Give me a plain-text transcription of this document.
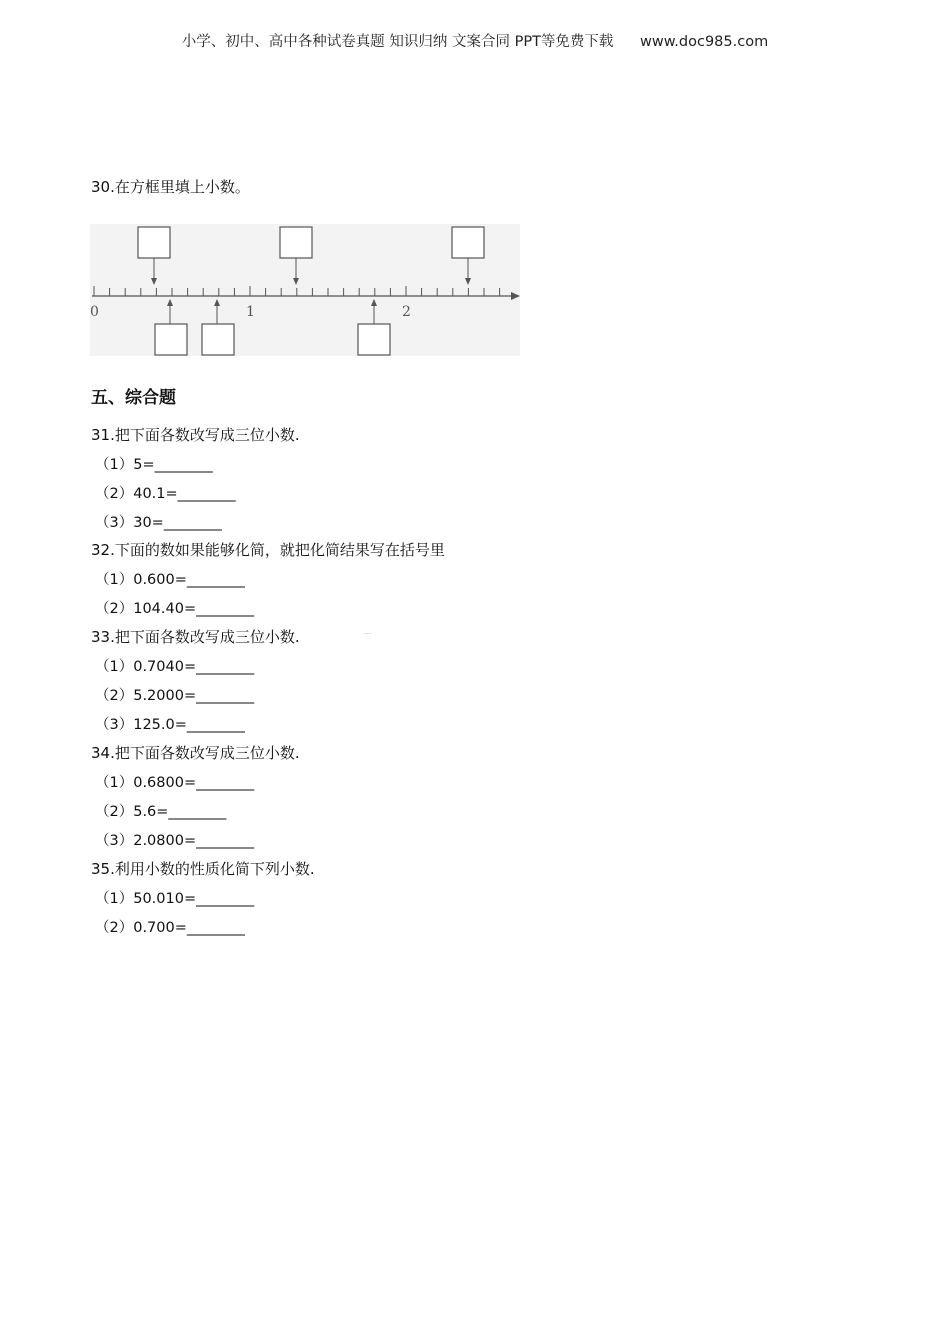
小学、初中、高中各种试卷真题 知识归纳 文案合同 PPT等免费下载 www.doc985.com
30.在方框里填上小数。
0	1	2
五、综合题
31.把下面各数改写成三位小数.
（1）5=________
（2）40.1=________
（3）30=________
32.下面的数如果能够化简，就把化简结果写在括号里
（1）0.600=________
（2）104.40=________
33.把下面各数改写成三位小数.	-----
（1）0.7040=________
（2）5.2000=________
（3）125.0=________
34.把下面各数改写成三位小数.
（1）0.6800=________
（2）5.6=________
（3）2.0800=________
35.利用小数的性质化简下列小数.
（1）50.010=________
（2）0.700=________
